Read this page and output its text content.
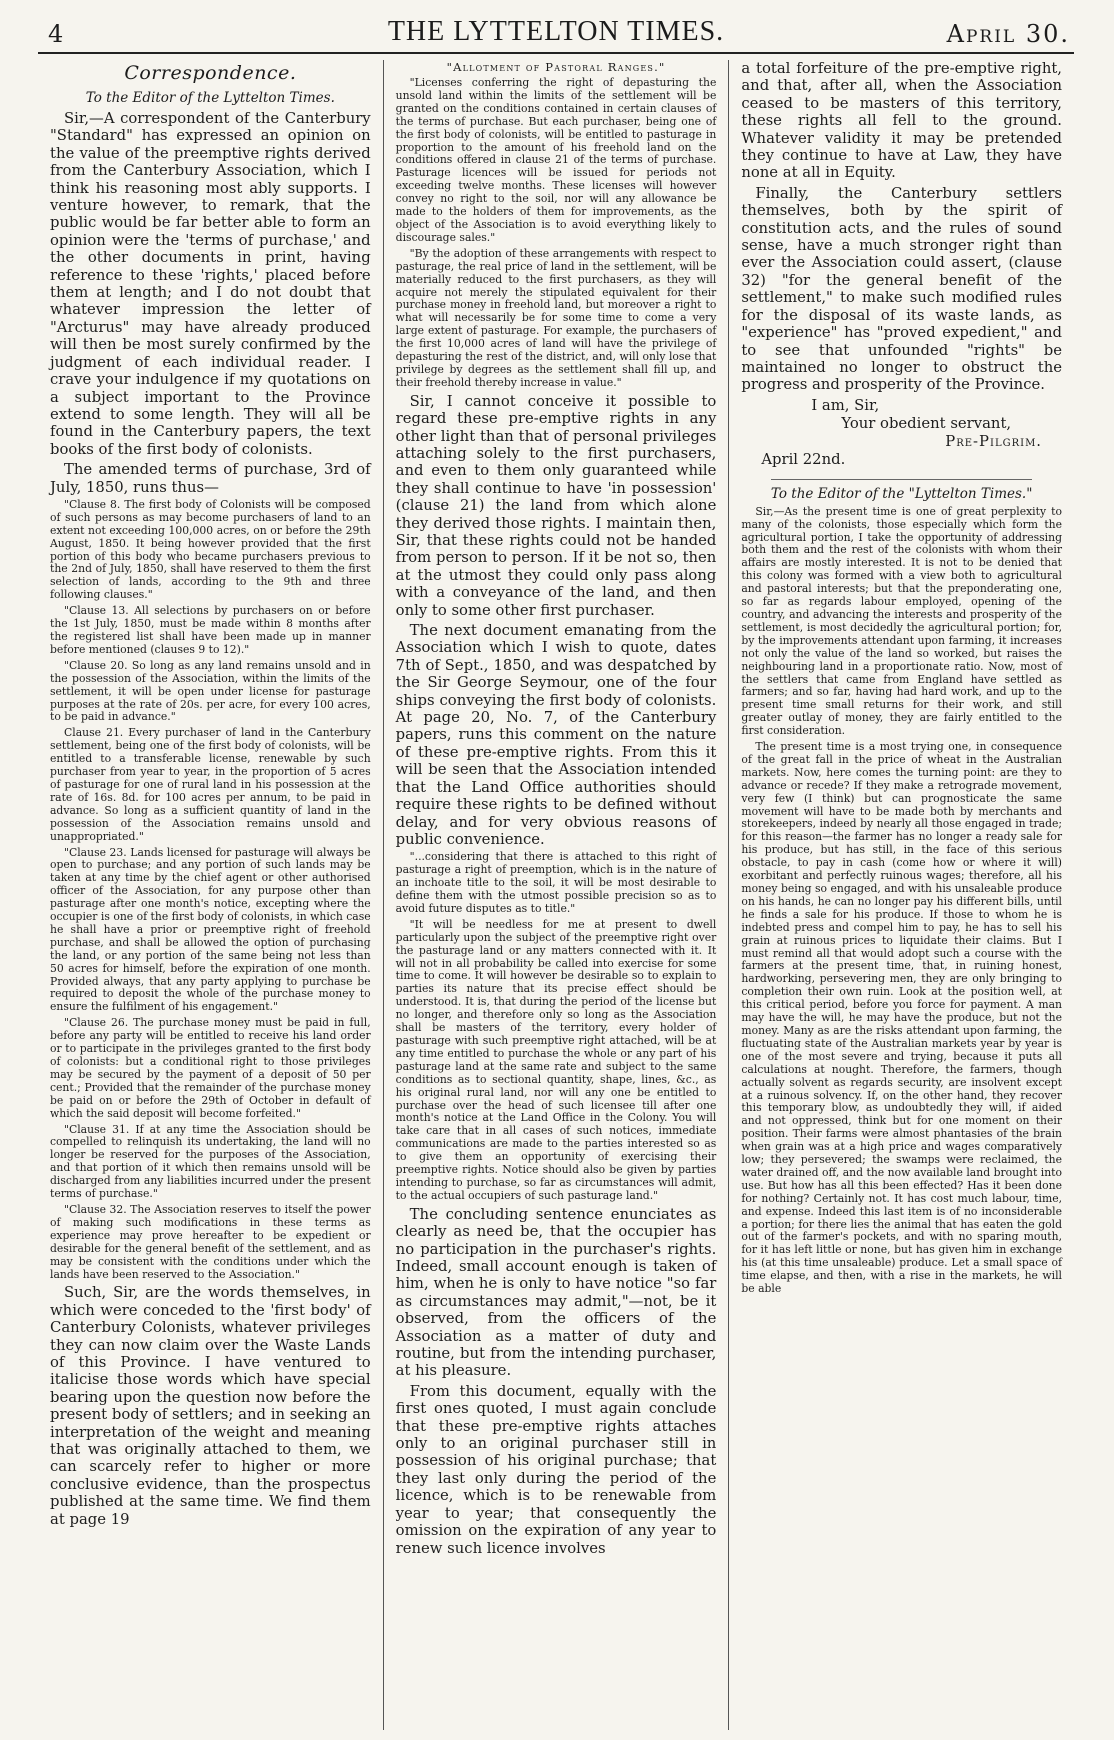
4	THE LYTTELTON TIMES.	April 30.
Correspondence.
To the Editor of the Lyttelton Times.

Sir,—A correspondent of the Canterbury "Standard" has expressed an opinion on the value of the preemptive rights derived from the Canterbury Association, which I think his reasoning most ably supports. I venture however, to remark, that the public would be far better able to form an opinion were the 'terms of purchase,' and the other documents in print, having reference to these 'rights,' placed before them at length; and I do not doubt that whatever impression the letter of "Arcturus" may have already produced will then be most surely confirmed by the judgment of each individual reader. I crave your indulgence if my quotations on a subject important to the Province extend to some length. They will all be found in the Canterbury papers, the text books of the first body of colonists.

The amended terms of purchase, 3rd of July, 1850, runs thus—

"Clause 8. The first body of Colonists will be composed of such persons as may become purchasers of land to an extent not exceeding 100,000 acres, on or before the 29th August, 1850. It being however provided that the first portion of this body who became purchasers previous to the 2nd of July, 1850, shall have reserved to them the first selection of lands, according to the 9th and three following clauses."

"Clause 13. All selections by purchasers on or before the 1st July, 1850, must be made within 8 months after the registered list shall have been made up in manner before mentioned (clauses 9 to 12)."

"Clause 20. So long as any land remains unsold and in the possession of the Association, within the limits of the settlement, it will be open under license for pasturage purposes at the rate of 20s. per acre, for every 100 acres, to be paid in advance."

Clause 21. Every purchaser of land in the Canterbury settlement, being one of the first body of colonists, will be entitled to a transferable license, renewable by such purchaser from year to year, in the proportion of 5 acres of pasturage for one of rural land in his possession at the rate of 16s. 8d. for 100 acres per annum, to be paid in advance. So long as a sufficient quantity of land in the possession of the Association remains unsold and unappropriated."

"Clause 23. Lands licensed for pasturage will always be open to purchase; and any portion of such lands may be taken at any time by the chief agent or other authorised officer of the Association, for any purpose other than pasturage after one month's notice, excepting where the occupier is one of the first body of colonists, in which case he shall have a prior or preemptive right of freehold purchase, and shall be allowed the option of purchasing the land, or any portion of the same being not less than 50 acres for himself, before the expiration of one month. Provided always, that any party applying to purchase be required to deposit the whole of the purchase money to ensure the fulfilment of his engagement."

"Clause 26. The purchase money must be paid in full, before any party will be entitled to receive his land order or to participate in the privileges granted to the first body of colonists: but a conditional right to those privileges may be secured by the payment of a deposit of 50 per cent.; Provided that the remainder of the purchase money be paid on or before the 29th of October in default of which the said deposit will become forfeited."

"Clause 31. If at any time the Association should be compelled to relinquish its undertaking, the land will no longer be reserved for the purposes of the Association, and that portion of it which then remains unsold will be discharged from any liabilities incurred under the present terms of purchase."

"Clause 32. The Association reserves to itself the power of making such modifications in these terms as experience may prove hereafter to be expedient or desirable for the general benefit of the settlement, and as may be consistent with the conditions under which the lands have been reserved to the Association."

Such, Sir, are the words themselves, in which were conceded to the 'first body' of Canterbury Colonists, whatever privileges they can now claim over the Waste Lands of this Province. I have ventured to italicise those words which have special bearing upon the question now before the present body of settlers; and in seeking an interpretation of the weight and meaning that was originally attached to them, we can scarcely refer to higher or more conclusive evidence, than the prospectus published at the same time. We find them at page 19

"Allotment of Pastoral Ranges."

"Licenses conferring the right of depasturing the unsold land within the limits of the settlement will be granted on the conditions contained in certain clauses of the terms of purchase. But each purchaser, being one of the first body of colonists, will be entitled to pasturage in proportion to the amount of his freehold land on the conditions offered in clause 21 of the terms of purchase. Pasturage licences will be issued for periods not exceeding twelve months. These licenses will however convey no right to the soil, nor will any allowance be made to the holders of them for improvements, as the object of the Association is to avoid everything likely to discourage sales."

"By the adoption of these arrangements with respect to pasturage, the real price of land in the settlement, will be materially reduced to the first purchasers, as they will acquire not merely the stipulated equivalent for their purchase money in freehold land, but moreover a right to what will necessarily be for some time to come a very large extent of pasturage. For example, the purchasers of the first 10,000 acres of land will have the privilege of depasturing the rest of the district, and, will only lose that privilege by degrees as the settlement shall fill up, and their freehold thereby increase in value."

Sir, I cannot conceive it possible to regard these pre-emptive rights in any other light than that of personal privileges attaching solely to the first purchasers, and even to them only guaranteed while they shall continue to have 'in possession' (clause 21) the land from which alone they derived those rights. I maintain then, Sir, that these rights could not be handed from person to person. If it be not so, then at the utmost they could only pass along with a conveyance of the land, and then only to some other first purchaser.

The next document emanating from the Association which I wish to quote, dates 7th of Sept., 1850, and was despatched by the Sir George Seymour, one of the four ships conveying the first body of colonists. At page 20, No. 7, of the Canterbury papers, runs this comment on the nature of these pre-emptive rights. From this it will be seen that the Association intended that the Land Office authorities should require these rights to be defined without delay, and for very obvious reasons of public convenience.

"...considering that there is attached to this right of pasturage a right of preemption, which is in the nature of an inchoate title to the soil, it will be most desirable to define them with the utmost possible precision so as to avoid future disputes as to title."

"It will be needless for me at present to dwell particularly upon the subject of the preemptive right over the pasturage land or any matters connected with it. It will not in all probability be called into exercise for some time to come. It will however be desirable so to explain to parties its nature that its precise effect should be understood. It is, that during the period of the license but no longer, and therefore only so long as the Association shall be masters of the territory, every holder of pasturage with such preemptive right attached, will be at any time entitled to purchase the whole or any part of his pasturage land at the same rate and subject to the same conditions as to sectional quantity, shape, lines, &c., as his original rural land, nor will any one be entitled to purchase over the head of such licensee till after one month's notice at the Land Office in the Colony. You will take care that in all cases of such notices, immediate communications are made to the parties interested so as to give them an opportunity of exercising their preemptive rights. Notice should also be given by parties intending to purchase, so far as circumstances will admit, to the actual occupiers of such pasturage land."

The concluding sentence enunciates as clearly as need be, that the occupier has no participation in the purchaser's rights. Indeed, small account enough is taken of him, when he is only to have notice "so far as circumstances may admit,"—not, be it observed, from the officers of the Association as a matter of duty and routine, but from the intending purchaser, at his pleasure.

From this document, equally with the first ones quoted, I must again conclude that these pre-emptive rights attaches only to an original purchaser still in possession of his original purchase; that they last only during the period of the licence, which is to be renewable from year to year; that consequently the omission on the expiration of any year to renew such licence involves

a total forfeiture of the pre-emptive right, and that, after all, when the Association ceased to be masters of this territory, these rights all fell to the ground. Whatever validity it may be pretended they continue to have at Law, they have none at all in Equity.

Finally, the Canterbury settlers themselves, both by the spirit of constitution acts, and the rules of sound sense, have a much stronger right than ever the Association could assert, (clause 32) "for the general benefit of the settlement," to make such modified rules for the disposal of its waste lands, as "experience" has "proved expedient," and to see that unfounded "rights" be maintained no longer to obstruct the progress and prosperity of the Province.

I am, Sir,
Your obedient servant,
Pre-Pilgrim.
April 22nd.
To the Editor of the "Lyttelton Times."

Sir,—As the present time is one of great perplexity to many of the colonists, those especially which form the agricultural portion, I take the opportunity of addressing both them and the rest of the colonists with whom their affairs are mostly interested. It is not to be denied that this colony was formed with a view both to agricultural and pastoral interests; but that the preponderating one, so far as regards labour employed, opening of the country, and advancing the interests and prosperity of the settlement, is most decidedly the agricultural portion; for, by the improvements attendant upon farming, it increases not only the value of the land so worked, but raises the neighbouring land in a proportionate ratio. Now, most of the settlers that came from England have settled as farmers; and so far, having had hard work, and up to the present time small returns for their work, and still greater outlay of money, they are fairly entitled to the first consideration.

The present time is a most trying one, in consequence of the great fall in the price of wheat in the Australian markets. Now, here comes the turning point: are they to advance or recede? If they make a retrograde movement, very few (I think) but can prognosticate the same movement will have to be made both by merchants and storekeepers, indeed by nearly all those engaged in trade; for this reason—the farmer has no longer a ready sale for his produce, but has still, in the face of this serious obstacle, to pay in cash (come how or where it will) exorbitant and perfectly ruinous wages; therefore, all his money being so engaged, and with his unsaleable produce on his hands, he can no longer pay his different bills, until he finds a sale for his produce. If those to whom he is indebted press and compel him to pay, he has to sell his grain at ruinous prices to liquidate their claims. But I must remind all that would adopt such a course with the farmers at the present time, that, in ruining honest, hardworking, persevering men, they are only bringing to completion their own ruin. Look at the position well, at this critical period, before you force for payment. A man may have the will, he may have the produce, but not the money. Many as are the risks attendant upon farming, the fluctuating state of the Australian markets year by year is one of the most severe and trying, because it puts all calculations at nought. Therefore, the farmers, though actually solvent as regards security, are insolvent except at a ruinous solvency. If, on the other hand, they recover this temporary blow, as undoubtedly they will, if aided and not oppressed, think but for one moment on their position. Their farms were almost phantasies of the brain when grain was at a high price and wages comparatively low; they persevered; the swamps were reclaimed, the water drained off, and the now available land brought into use. But how has all this been effected? Has it been done for nothing? Certainly not. It has cost much labour, time, and expense. Indeed this last item is of no inconsiderable a portion; for there lies the animal that has eaten the gold out of the farmer's pockets, and with no sparing mouth, for it has left little or none, but has given him in exchange his (at this time unsaleable) produce. Let a small space of time elapse, and then, with a rise in the markets, he will be able
